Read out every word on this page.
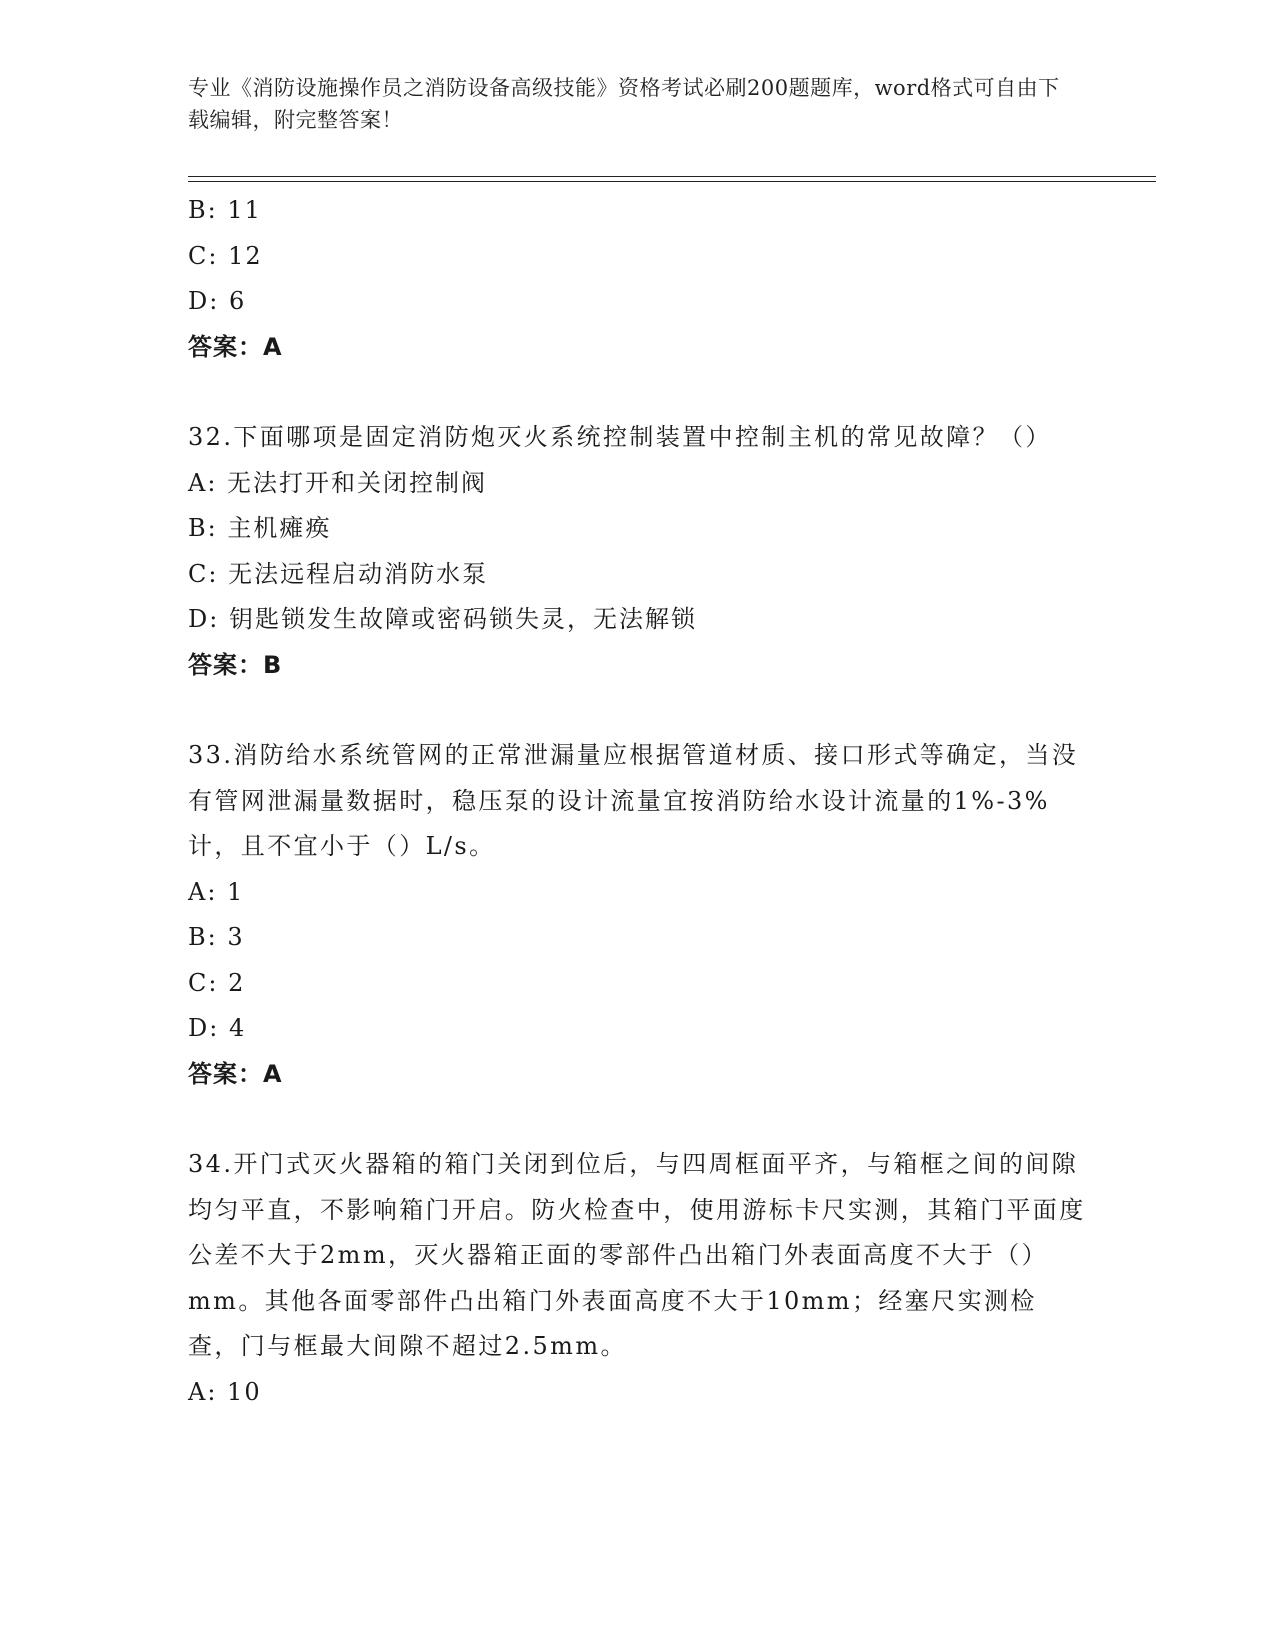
专业《消防设施操作员之消防设备高级技能》资格考试必刷200题题库，word格式可自由下载编辑，附完整答案！
B: 11
C: 12
D: 6
答案：A
32.下面哪项是固定消防炮灭火系统控制装置中控制主机的常见故障？（）
A: 无法打开和关闭控制阀
B: 主机瘫痪
C: 无法远程启动消防水泵
D: 钥匙锁发生故障或密码锁失灵，无法解锁
答案：B
33.消防给水系统管网的正常泄漏量应根据管道材质、接口形式等确定，当没有管网泄漏量数据时，稳压泵的设计流量宜按消防给水设计流量的1%-3%计，且不宜小于（）L/s。
A: 1
B: 3
C: 2
D: 4
答案：A
34.开门式灭火器箱的箱门关闭到位后，与四周框面平齐，与箱框之间的间隙均匀平直，不影响箱门开启。防火检查中，使用游标卡尺实测，其箱门平面度公差不大于2mm，灭火器箱正面的零部件凸出箱门外表面高度不大于（）mm。其他各面零部件凸出箱门外表面高度不大于10mm；经塞尺实测检查，门与框最大间隙不超过2.5mm。
A: 10
